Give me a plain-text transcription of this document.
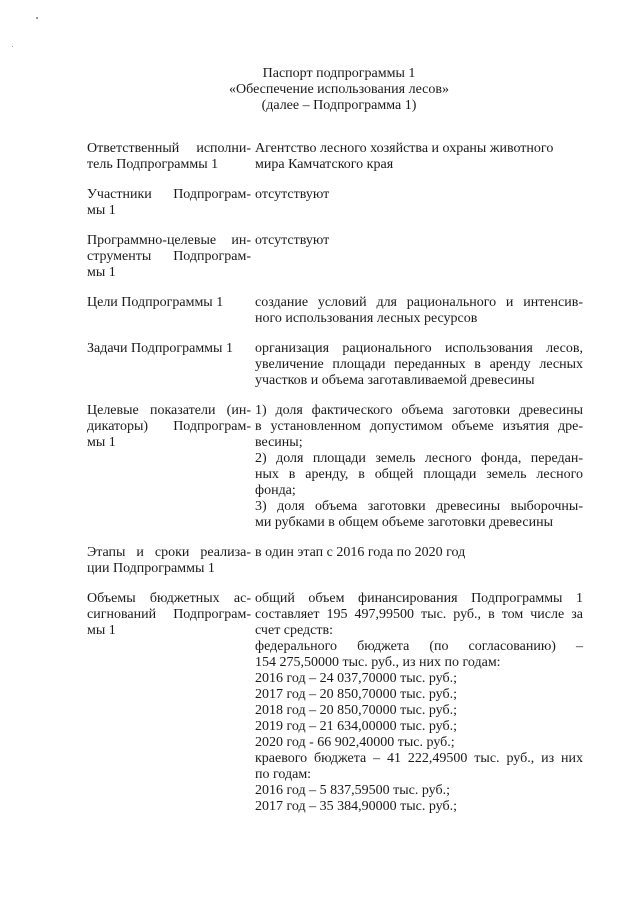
Паспорт подпрограммы 1
«Обеспечение использования лесов»
(далее – Подпрограмма 1)
Ответственный исполни-
тель Подпрограммы 1
Агентство лесного хозяйства и охраны животного
мира Камчатского края
Участники Подпрограм-
мы 1
отсутствуют
Программно-целевые ин-
струменты Подпрограм-
мы 1
отсутствуют
Цели Подпрограммы 1	создание условий для рационального и интенсив-
ного использования лесных ресурсов
Задачи Подпрограммы 1	организация рационального использования лесов,
увеличение площади переданных в аренду лесных
участков и объема заготавливаемой древесины
Целевые показатели (ин-
дикаторы) Подпрограм-
мы 1
1) доля фактического объема заготовки древесины
в установленном допустимом объеме изъятия дре-
весины;
2) доля площади земель лесного фонда, передан-
ных в аренду, в общей площади земель лесного
фонда;
3) доля объема заготовки древесины выборочны-
ми рубками в общем объеме заготовки древесины
Этапы и сроки реализа-
ции Подпрограммы 1
в один этап с 2016 года по 2020 год
Объемы бюджетных ас-
сигнований Подпрограм-
мы 1
общий объем финансирования Подпрограммы 1
составляет 195 497,99500 тыс. руб., в том числе за
счет средств:
федерального бюджета (по согласованию) –
154 275,50000 тыс. руб., из них по годам:
2016 год – 24 037,70000 тыс. руб.;
2017 год – 20 850,70000 тыс. руб.;
2018 год – 20 850,70000 тыс. руб.;
2019 год – 21 634,00000 тыс. руб.;
2020 год - 66 902,40000 тыс. руб.;
краевого бюджета – 41 222,49500 тыс. руб., из них
по годам:
2016 год – 5 837,59500 тыс. руб.;
2017 год – 35 384,90000 тыс. руб.;
